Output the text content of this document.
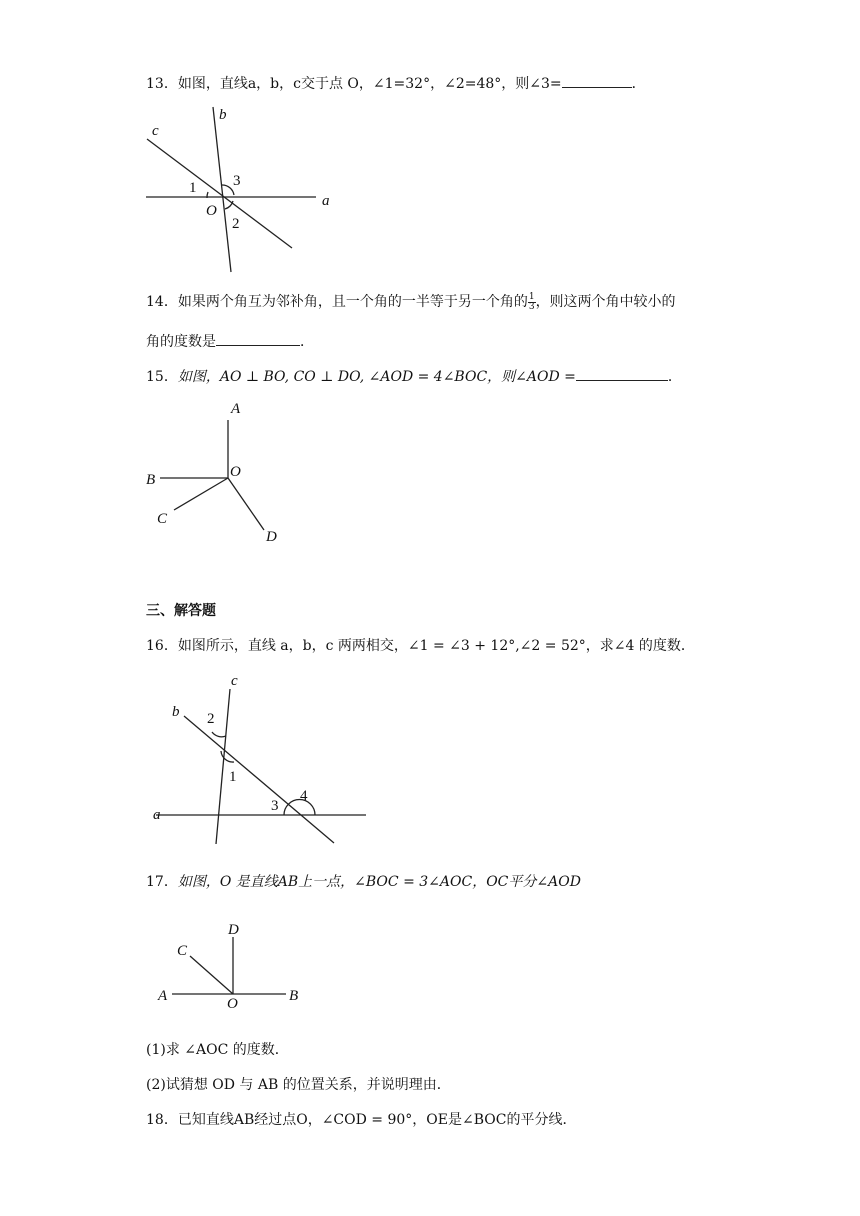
13．如图，直线a，b，c交于点 O，∠1=32°，∠2=48°，则∠3=	．
c
b
a
O
1 3
2
14．如果两个角互为邻补角，且一个角的一半等于另一个角的 $\frac{1}{3}$ ，则这两个角中较小的
角的度数是	．
15．如图，AO ⊥ BO, CO ⊥ DO, ∠AOD = 4∠BOC，则∠AOD =	．
A
B	O
C
D
三、解答题
16．如图所示，直线 a，b，c 两两相交，∠1 = ∠3 + 12°,∠2 = 52°，求∠4 的度数．
c
b
a
2
1
3
4
17．如图，O 是直线AB上一点，∠BOC = 3∠AOC，OC平分∠AOD
D
C
A	O	B
(1)求 ∠AOC 的度数．
(2)试猜想 OD 与 AB 的位置关系，并说明理由．
18．已知直线AB经过点O，∠COD = 90°，OE是∠BOC的平分线．
